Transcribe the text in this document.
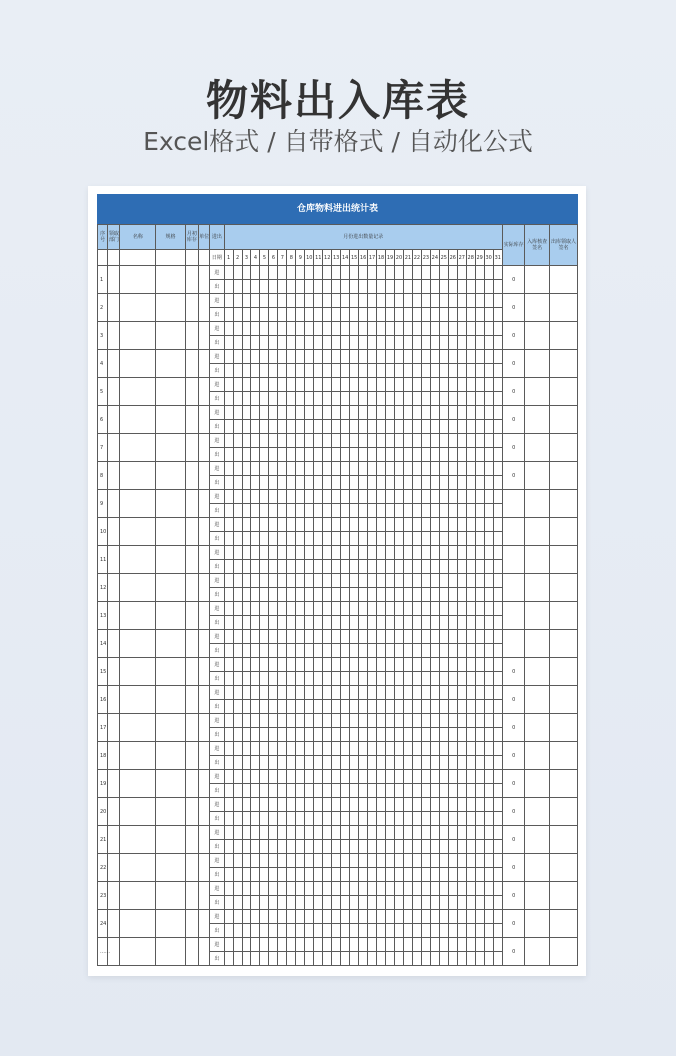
物料出入库表
Excel格式 / 自带格式 / 自动化公式
仓库物料进出统计表
序号	领取部门	名称	规格	月初库存	单位	进出	月份进出数量记录																															实际库存	入库核查签名	出库领取人签名
						日期	1	2	3	4	5	6	7	8	9	10	11	12	13	14	15	16	17	18	19	20	21	22	23	24	25	26	27	28	29	30	31			
1						进																																0		
						出																																		
2						进																																0		
						出																																		
3						进																																0		
						出																																		
4						进																																0		
						出																																		
5						进																																0		
						出																																		
6						进																																0		
						出																																		
7						进																																0		
						出																																		
8						进																																0		
						出																																		
9						进																																		
						出																																		
10						进																																		
						出																																		
11						进																																		
						出																																		
12						进																																		
						出																																		
13						进																																		
						出																																		
14						进																																		
						出																																		
15						进																																0		
						出																																		
16						进																																0		
						出																																		
17						进																																0		
						出																																		
18						进																																0		
						出																																		
19						进																																0		
						出																																		
20						进																																0		
						出																																		
21						进																																0		
						出																																		
22						进																																0		
						出																																		
23						进																																0		
						出																																		
24						进																																0		
						出																																		
……						进																																0		
						出																																		
